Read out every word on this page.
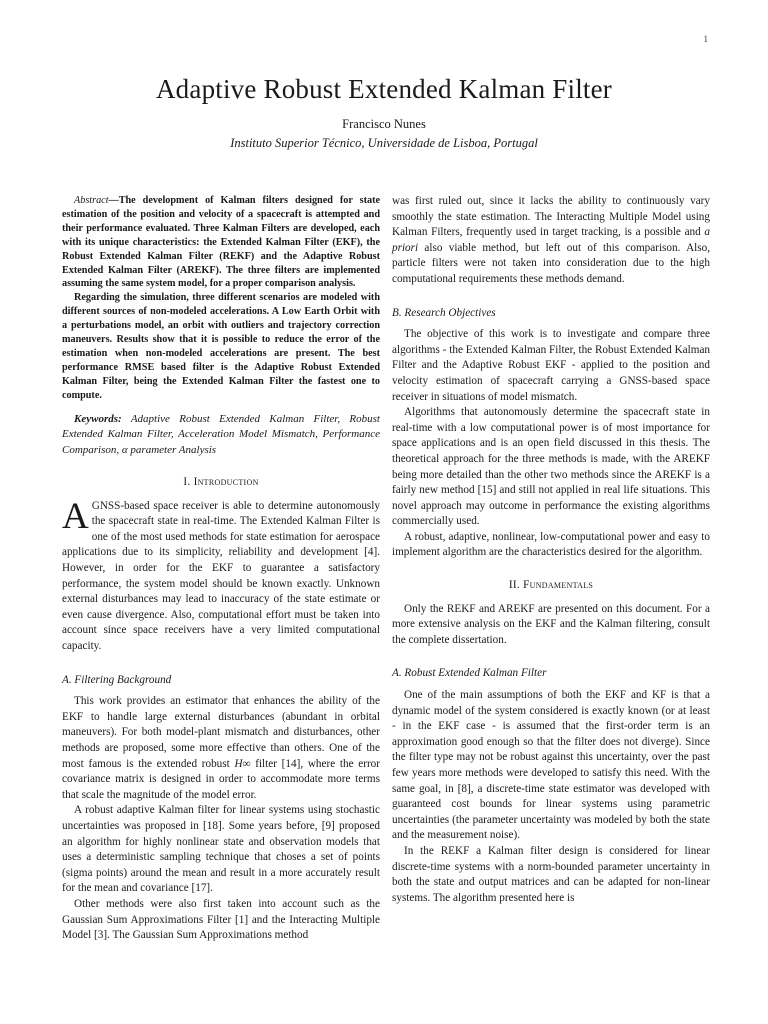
1
Adaptive Robust Extended Kalman Filter
Francisco Nunes
Instituto Superior Técnico, Universidade de Lisboa, Portugal

Abstract—The development of Kalman filters designed for state estimation of the position and velocity of a spacecraft is attempted and their performance evaluated. Three Kalman Filters are developed, each with its unique characteristics: the Extended Kalman Filter (EKF), the Robust Extended Kalman Filter (REKF) and the Adaptive Robust Extended Kalman Filter (AREKF). The three filters are implemented assuming the same system model, for a proper comparison analysis.

Regarding the simulation, three different scenarios are modeled with different sources of non-modeled accelerations. A Low Earth Orbit with a perturbations model, an orbit with outliers and trajectory correction maneuvers. Results show that it is possible to reduce the error of the estimation when non-modeled accelerations are present. The best performance RMSE based filter is the Adaptive Robust Extended Kalman Filter, being the Extended Kalman Filter the fastest one to compute.

Keywords: Adaptive Robust Extended Kalman Filter, Robust Extended Kalman Filter, Acceleration Model Mismatch, Performance Comparison, α parameter Analysis

I. Introduction

AGNSS-based space receiver is able to determine autonomously the spacecraft state in real-time. The Extended Kalman Filter is one of the most used methods for state estimation for aerospace applications due to its simplicity, reliability and development [4]. However, in order for the EKF to guarantee a satisfactory performance, the system model should be known exactly. Unknown external disturbances may lead to inaccuracy of the state estimate or even cause divergence. Also, computational effort must be taken into account since space receivers have a very limited computational capacity.

A. Filtering Background

This work provides an estimator that enhances the ability of the EKF to handle large external disturbances (abundant in orbital maneuvers). For both model-plant mismatch and disturbances, other methods are proposed, some more effective than others. One of the most famous is the extended robust H∞ filter [14], where the error covariance matrix is designed in order to accommodate more terms that scale the magnitude of the model error.

A robust adaptive Kalman filter for linear systems using stochastic uncertainties was proposed in [18]. Some years before, [9] proposed an algorithm for highly nonlinear state and observation models that uses a deterministic sampling technique that choses a set of points (sigma points) around the mean and result in a more accurately result for the mean and covariance [17].

Other methods were also first taken into account such as the Gaussian Sum Approximations Filter [1] and the Interacting Multiple Model [3]. The Gaussian Sum Approximations method

was first ruled out, since it lacks the ability to continuously vary smoothly the state estimation. The Interacting Multiple Model using Kalman Filters, frequently used in target tracking, is a possible and a priori also viable method, but left out of this comparison. Also, particle filters were not taken into consideration due to the high computational requirements these methods demand.

B. Research Objectives

The objective of this work is to investigate and compare three algorithms - the Extended Kalman Filter, the Robust Extended Kalman Filter and the Adaptive Robust EKF - applied to the position and velocity estimation of spacecraft carrying a GNSS-based space receiver in situations of model mismatch.

Algorithms that autonomously determine the spacecraft state in real-time with a low computational power is of most importance for space applications and is an open field discussed in this thesis. The theoretical approach for the three methods is made, with the AREKF being more detailed than the other two methods since the AREKF is a fairly new method [15] and still not applied in real life situations. This novel approach may outcome in performance the existing algorithms commercially used.

A robust, adaptive, nonlinear, low-computational power and easy to implement algorithm are the characteristics desired for the algorithm.

II. Fundamentals

Only the REKF and AREKF are presented on this document. For a more extensive analysis on the EKF and the Kalman filtering, consult the complete dissertation.

A. Robust Extended Kalman Filter

One of the main assumptions of both the EKF and KF is that a dynamic model of the system considered is exactly known (or at least - in the EKF case - is assumed that the first-order term is an approximation good enough so that the filter does not diverge). Since the filter type may not be robust against this uncertainty, over the past few years more methods were developed to satisfy this need. With the same goal, in [8], a discrete-time state estimator was developed with guaranteed cost bounds for linear systems using parametric uncertainties (the parameter uncertainty was modeled by both the state and the measurement noise).

In the REKF a Kalman filter design is considered for linear discrete-time systems with a norm-bounded parameter uncertainty in both the state and output matrices and can be adapted for non-linear systems. The algorithm presented here is
